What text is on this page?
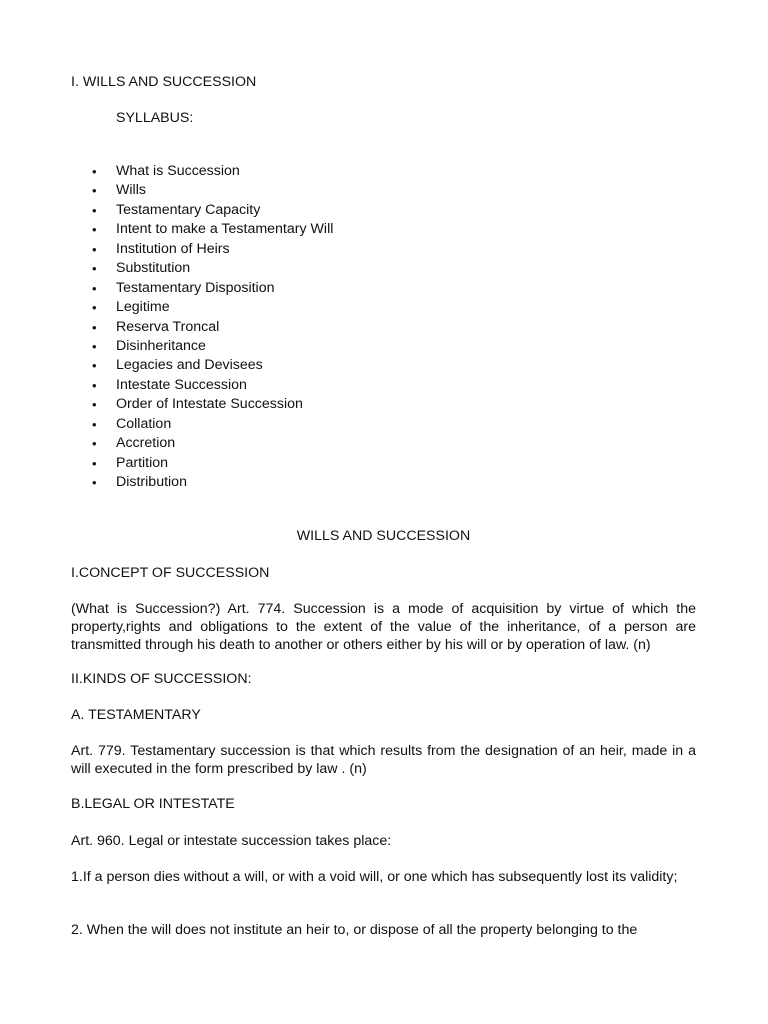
I. WILLS AND SUCCESSION

SYLLABUS:

• What is Succession
• Wills
• Testamentary Capacity
• Intent to make a Testamentary Will
• Institution of Heirs
• Substitution
• Testamentary Disposition
• Legitime
• Reserva Troncal
• Disinheritance
• Legacies and Devisees
• Intestate Succession
• Order of Intestate Succession
• Collation
• Accretion
• Partition
• Distribution

WILLS AND SUCCESSION

I.CONCEPT OF SUCCESSION

(What is Succession?) Art. 774. Succession is a mode of acquisition by virtue of which the property,rights and obligations to the extent of the value of the inheritance, of a person are transmitted through his death to another or others either by his will or by operation of law. (n)

II.KINDS OF SUCCESSION:

A. TESTAMENTARY

Art. 779. Testamentary succession is that which results from the designation of an heir, made in a will executed in the form prescribed by law . (n)

B.LEGAL OR INTESTATE

Art. 960. Legal or intestate succession takes place:

1.If a person dies without a will, or with a void will, or one which has subsequently lost its validity;

2. When the will does not institute an heir to, or dispose of all the property belonging to the
